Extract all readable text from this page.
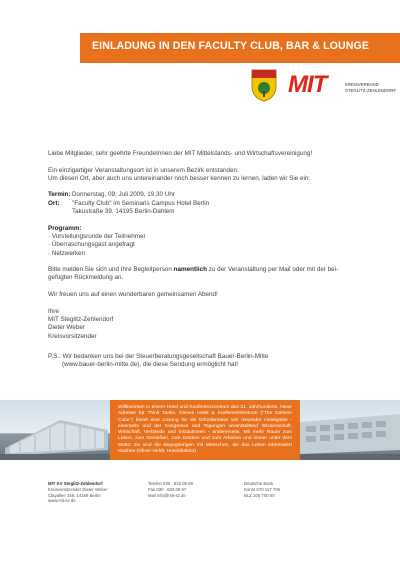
EINLADUNG IN DEN FACULTY CLUB, BAR & LOUNGE
MIT	KREISVERBAND
STEGLITZ-ZEHLENDORF

Liebe Mitglieder, sehr geehrte FreundeInnen der MIT Mittelstands- und Wirtschaftsvereinigung!

Ein einzigartiger Veranstaltungsort ist in unserem Bezirk entstanden.
Um diesen Ort, aber auch uns untereinander noch besser kennen zu lernen, laden wir Sie ein:

Termin:Donnerstag, 09. Juli 2009, 19.30 Uhr
Ort: "Faculty Club" im Seminaris Campus Hotel Berlin
Takustraße 39, 14195 Berlin-Dahlem

Programm:
· Vorstellungsrunde der Teilnehmer
· Überraschungsgast angefragt
· Netzwerken

Bitte melden Sie sich und Ihre Begleitperson namentlich zu der Veranstaltung per Mail oder mit der bei-
gefügten Rückmeldung an.

Wir freuen uns auf einen wunderbaren gemeinsamen Abend!

Ihre
MIT Steglitz-Zehlendorf
Dieter Weber
Kreisvorsitzender

P.S.: Wir bedanken uns bei der Steuerberatungsgesellschaft Bauer-Berlin-Mitte
(www.bauer-berlin-mitte.de), die diese Sendung ermöglicht hat!

Willkommen in einem Hotel und Konferenzzentrum des 21. Jahrhunderts. Neue Adresse für Think Tanks. Dieses Hotel & Konferenzzentrum ("The Dahlem Cube") bietet eine Lösung für die Erfordernisse viel reisender Hotelgäste - einerseits und der Kongresse und Tagungen veranstaltend Wissenschaft, Wirtschaft, Verbände und Institutionen - andererseits. Mit mehr Raum zum Leben, zum Genießen, zum Denken und zum Arbeiten und immer unter dem Motto: Es sind die Begegnungen mit Menschen, die das Leben lebenswert machen (Oliver Heldt, Hoteldirektor)

MIT KV Steglitz-Zehlendorf
Kreisvorsitzender Dieter Weber
Clayallee 349, 14169 Berlin
www.mit-sz.de
Telefon 030 . 833 08 69
Fax 030 . 833 08 67
Mail info@mit-sz.de
Deutsche Bank
Konto 070 117 706
BLZ 100 700 00
